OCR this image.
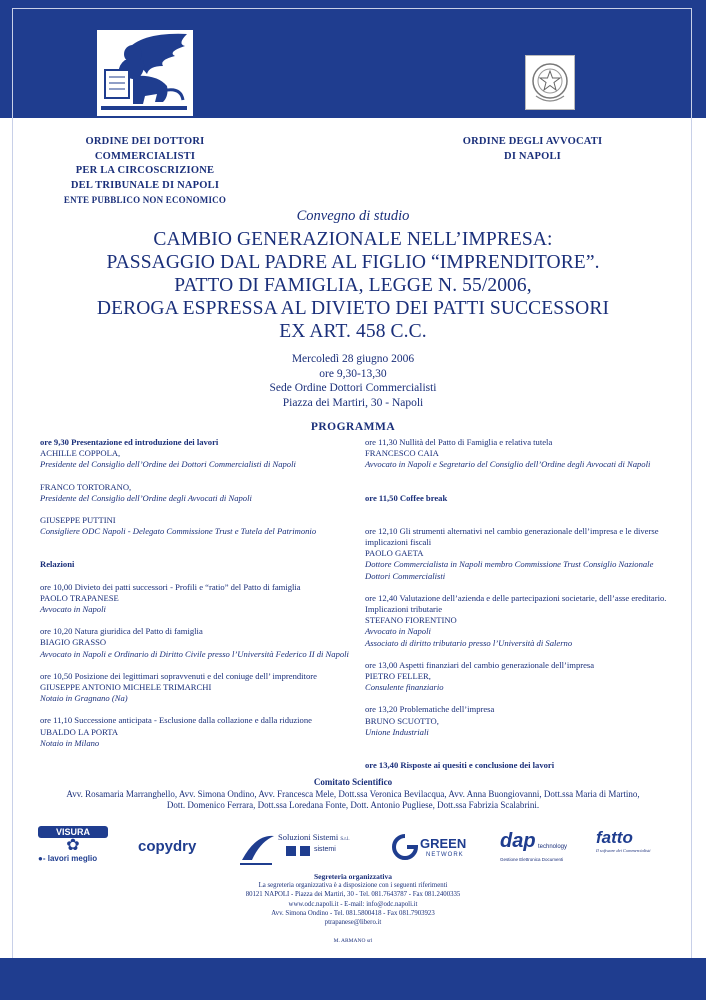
ORDINE DEI DOTTORI COMMERCIALISTI

PER LA CIRCOSCRIZIONE

DEL TRIBUNALE DI NAPOLI

ENTE PUBBLICO NON ECONOMICO

ORDINE DEGLI AVVOCATI

DI NAPOLI

Convegno di studio

CAMBIO GENERAZIONALE NELL’IMPRESA:

PASSAGGIO DAL PADRE AL FIGLIO “IMPRENDITORE”.

PATTO DI FAMIGLIA, LEGGE N. 55/2006,

DEROGA ESPRESSA AL DIVIETO DEI PATTI SUCCESSORI

EX ART. 458 C.C.

Mercoledì 28 giugno 2006

ore 9,30-13,30

Sede Ordine Dottori Commercialisti

Piazza dei Martiri, 30 - Napoli

PROGRAMMA

ore 9,30 Presentazione ed introduzione dei lavori

ACHILLE COPPOLA,

Presidente del Consiglio dell’Ordine dei Dottori Commercialisti di Napoli

FRANCO TORTORANO,

Presidente del Consiglio dell’Ordine degli Avvocati di Napoli

GIUSEPPE PUTTINI

Consigliere ODC Napoli - Delegato Commissione Trust e Tutela del Patrimonio

Relazioni

ore 10,00 Divieto dei patti successori - Profili e “ratio” del Patto di famiglia

PAOLO TRAPANESE

Avvocato in Napoli

ore 10,20 Natura giuridica del Patto di famiglia

BIAGIO GRASSO

Avvocato in Napoli e Ordinario di Diritto Civile presso l’Università Federico II di Napoli

ore 10,50 Posizione dei legittimari sopravvenuti e del coniuge dell’ imprenditore

GIUSEPPE ANTONIO MICHELE TRIMARCHI

Notaio in Gragnano (Na)

ore 11,10 Successione anticipata - Esclusione dalla collazione e dalla riduzione

UBALDO LA PORTA

Notaio in Milano

ore 11,30 Nullità del Patto di Famiglia e relativa tutela

FRANCESCO CAIA

Avvocato in Napoli e Segretario del Consiglio dell’Ordine degli Avvocati di Napoli

ore 11,50 Coffee break

ore 12,10 Gli strumenti alternativi nel cambio generazionale dell’impresa e le diverse implicazioni fiscali

PAOLO GAETA

Dottore Commercialista in Napoli membro Commissione Trust Consiglio Nazionale Dottori Commercialisti

ore 12,40 Valutazione dell’azienda e delle partecipazioni societarie, dell’asse ereditario. Implicazioni tributarie

STEFANO FIORENTINO

Avvocato in Napoli

Associato di diritto tributario presso l’Università di Salerno

ore 13,00 Aspetti finanziari del cambio generazionale dell’impresa

PIETRO FELLER,

Consulente finanziario

ore 13,20 Problematiche dell’impresa

BRUNO SCUOTTO,

Unione Industriali

ore 13,40 Risposte ai quesiti e conclusione dei lavori

Comitato Scientifico

Avv. Rosamaria Marranghello, Avv. Simona Ondino, Avv. Francesca Mele, Dott.ssa Veronica Bevilacqua, Avv. Anna Buongiovanni, Dott.ssa Maria di Martino,

Dott. Domenico Ferrara, Dott.ssa Loredana Fonte, Dott. Antonio Pugliese, Dott.ssa Fabrizia Scalabrini.

VISURA
✿
●- lavori meglio
copydry
Soluzioni Sistemi S.r.l.
sistemi	GREEN
NETWORK
dap technology
Gestione Elettronica Documenti
fatto
Il software dei Commercialisti

Segreteria organizzativa

La segreteria organizzativa è a disposizione con i seguenti riferimenti

80121 NAPOLI - Piazza dei Martiri, 30 - Tel. 081.7643787 - Fax 081.2400335

www.odc.napoli.it - E-mail: info@odc.napoli.it

Avv. Simona Ondino - Tel. 081.5800418 - Fax 081.7903923

ptrapanese@libero.it

M. ARMANO srl
